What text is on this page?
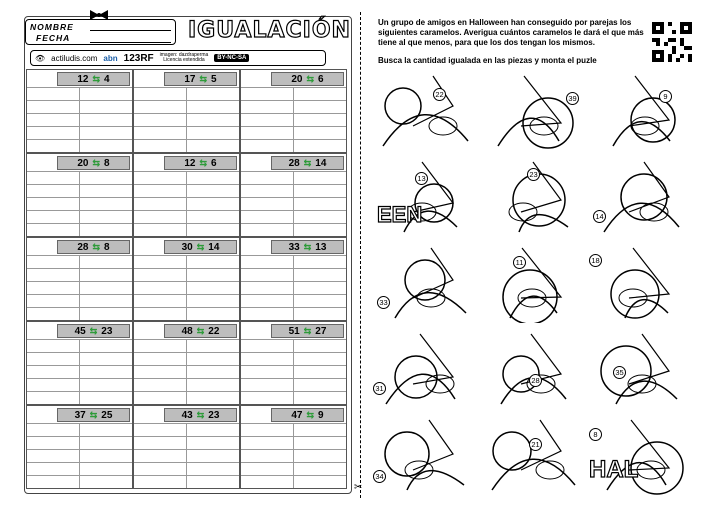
NOMBRE
FECHA	IGUALACIÓN
👁 actiludis.com abn 123RF imagen: dazdraperma
Licencia extendida	BY-NC-SA
12 ⇆ 4	17 ⇆ 5	20 ⇆ 6
20 ⇆ 8	12 ⇆ 6	28 ⇆ 14
28 ⇆ 8	30 ⇆ 14	33 ⇆ 13
45 ⇆ 23	48 ⇆ 22	51 ⇆ 27
37 ⇆ 25	43 ⇆ 23	47 ⇆ 9
✂
Un grupo de amigos en Halloween han conseguido por parejas los siguientes caramelos. Averigua cuántos caramelos le dará el que más tiene al que menos, para que los dos tengan los mismos.
Busca la cantidad igualada en las piezas y monta el puzle
22	39	9
13
EEN
23
14
33
11	18
31
28
35
34
21
8
HAL
